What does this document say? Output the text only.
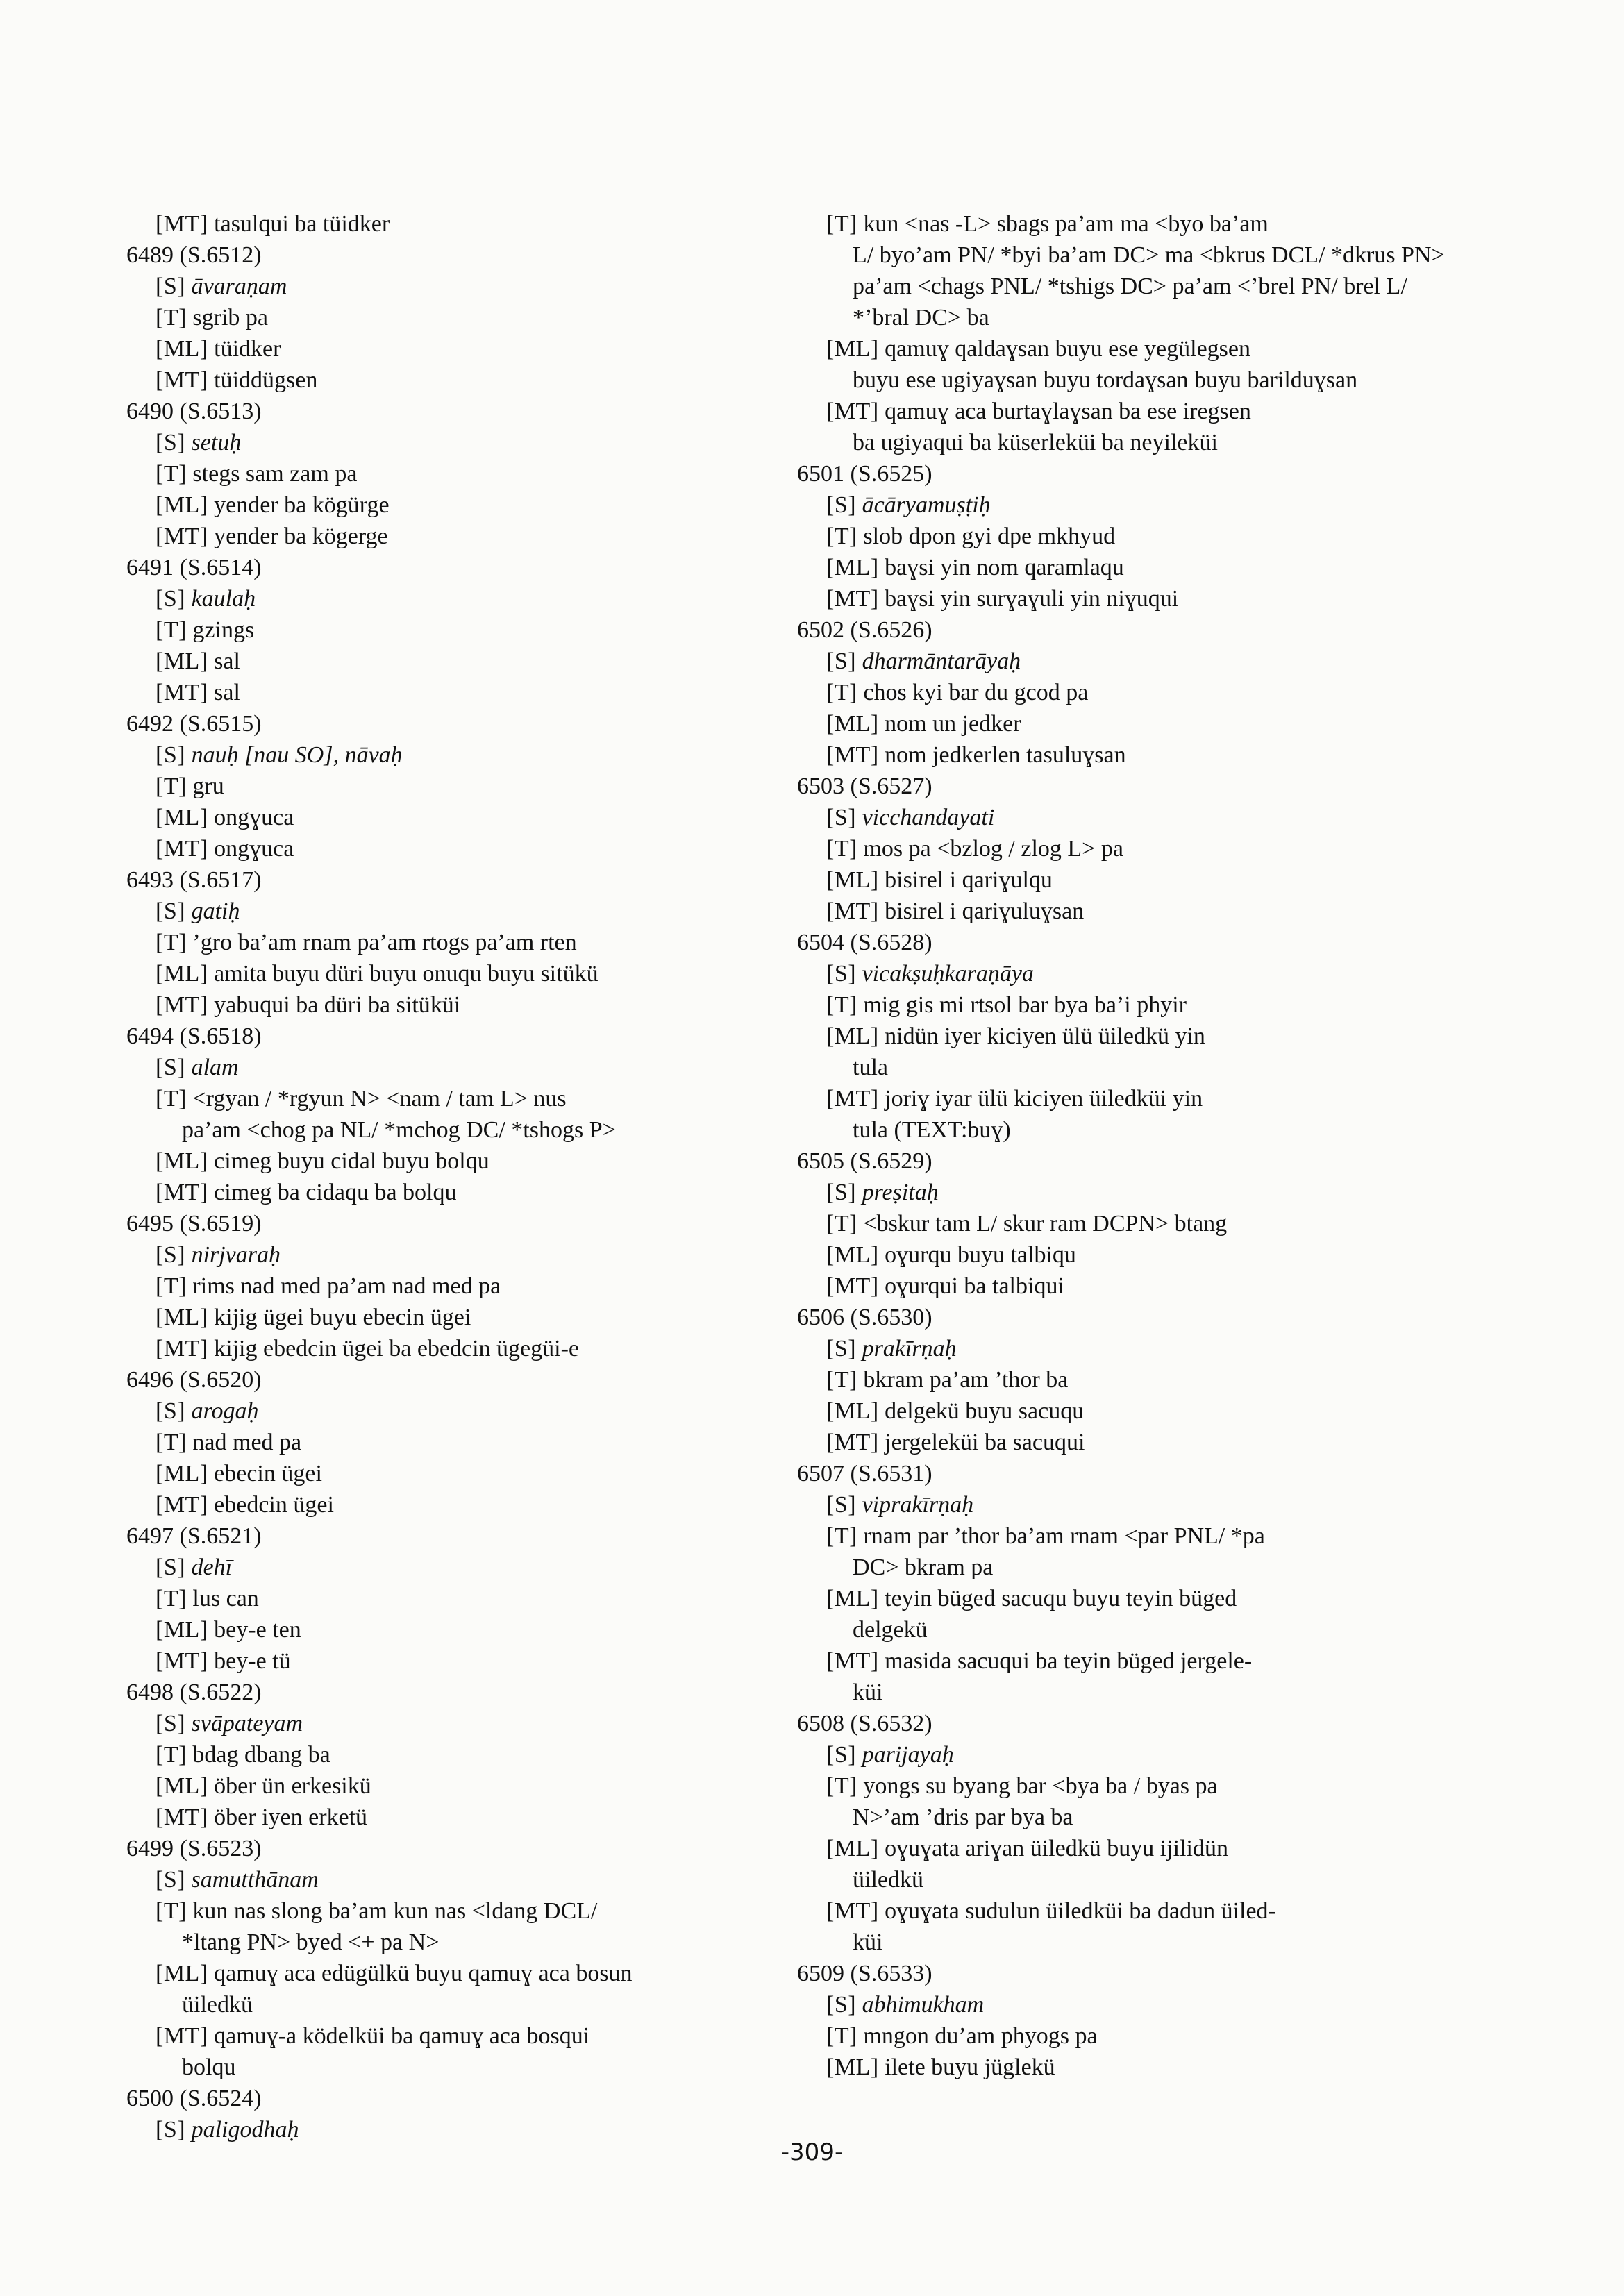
[MT] tasulqui ba tüidker

6489 (S.6512)

[S] āvaraṇam

[T] sgrib pa

[ML] tüidker

[MT] tüiddügsen

6490 (S.6513)

[S] setuḥ

[T] stegs sam zam pa

[ML] yender ba kögürge

[MT] yender ba kögerge

6491 (S.6514)

[S] kaulaḥ

[T] gzings

[ML] sal

[MT] sal

6492 (S.6515)

[S] nauḥ [nau SO], nāvaḥ

[T] gru

[ML] ongɣuca

[MT] ongɣuca

6493 (S.6517)

[S] gatiḥ

[T] ’gro ba’am rnam pa’am rtogs pa’am rten

[ML] amita buyu düri buyu onuqu buyu sitükü

[MT] yabuqui ba düri ba sitüküi

6494 (S.6518)

[S] alam

[T] <rgyan / *rgyun N> <nam / tam L> nus
pa’am <chog pa NL/ *mchog DC/ *tshogs P>

[ML] cimeg buyu cidal buyu bolqu

[MT] cimeg ba cidaqu ba bolqu

6495 (S.6519)

[S] nirjvaraḥ

[T] rims nad med pa’am nad med pa

[ML] kijig ügei buyu ebecin ügei

[MT] kijig ebedcin ügei ba ebedcin ügegüi-e

6496 (S.6520)

[S] arogaḥ

[T] nad med pa

[ML] ebecin ügei

[MT] ebedcin ügei

6497 (S.6521)

[S] dehī

[T] lus can

[ML] bey-e ten

[MT] bey-e tü

6498 (S.6522)

[S] svāpateyam

[T] bdag dbang ba

[ML] öber ün erkesikü

[MT] öber iyen erketü

6499 (S.6523)

[S] samutthānam

[T] kun nas slong ba’am kun nas <ldang DCL/
*ltang PN> byed <+ pa N>

[ML] qamuɣ aca edügülkü buyu qamuɣ aca bosun
üiledkü

[MT] qamuɣ-a ködelküi ba qamuɣ aca bosqui
bolqu

6500 (S.6524)

[S] paligodhaḥ

[T] kun <nas -L> sbags pa’am ma <byo ba’am
L/ byo’am PN/ *byi ba’am DC> ma <bkrus DCL/ *dkrus PN> pa’am <chags PNL/ *tshigs DC> pa’am <’brel PN/ brel L/ *’bral DC> ba

[ML] qamuɣ qaldaɣsan buyu ese yegülegsen
buyu ese ugiyaɣsan buyu tordaɣsan buyu barilduɣsan

[MT] qamuɣ aca burtaɣlaɣsan ba ese iregsen
ba ugiyaqui ba küserleküi ba neyileküi

6501 (S.6525)

[S] ācāryamuṣṭiḥ

[T] slob dpon gyi dpe mkhyud

[ML] baɣsi yin nom qaramlaqu

[MT] baɣsi yin surɣaɣuli yin niɣuqui

6502 (S.6526)

[S] dharmāntarāyaḥ

[T] chos kyi bar du gcod pa

[ML] nom un jedker

[MT] nom jedkerlen tasuluɣsan

6503 (S.6527)

[S] vicchandayati

[T] mos pa <bzlog / zlog L> pa

[ML] bisirel i qariɣulqu

[MT] bisirel i qariɣuluɣsan

6504 (S.6528)

[S] vicakṣuḥkaraṇāya

[T] mig gis mi rtsol bar bya ba’i phyir

[ML] nidün iyer kiciyen ülü üiledkü yin
tula

[MT] joriɣ iyar ülü kiciyen üiledküi yin
tula (TEXT:buɣ)

6505 (S.6529)

[S] preṣitaḥ

[T] <bskur tam L/ skur ram DCPN> btang

[ML] oɣurqu buyu talbiqu

[MT] oɣurqui ba talbiqui

6506 (S.6530)

[S] prakīrṇaḥ

[T] bkram pa’am ’thor ba

[ML] delgekü buyu sacuqu

[MT] jergeleküi ba sacuqui

6507 (S.6531)

[S] viprakīrṇaḥ

[T] rnam par ’thor ba’am rnam <par PNL/ *pa
DC> bkram pa

[ML] teyin büged sacuqu buyu teyin büged
delgekü

[MT] masida sacuqui ba teyin büged jergele-
küi

6508 (S.6532)

[S] parijayaḥ

[T] yongs su byang bar <bya ba / byas pa
N>’am ’dris par bya ba

[ML] oɣuɣata ariɣan üiledkü buyu ijilidün
üiledkü

[MT] oɣuɣata sudulun üiledküi ba dadun üiled-
küi

6509 (S.6533)

[S] abhimukham

[T] mngon du’am phyogs pa

[ML] ilete buyu jüglekü

-309-
